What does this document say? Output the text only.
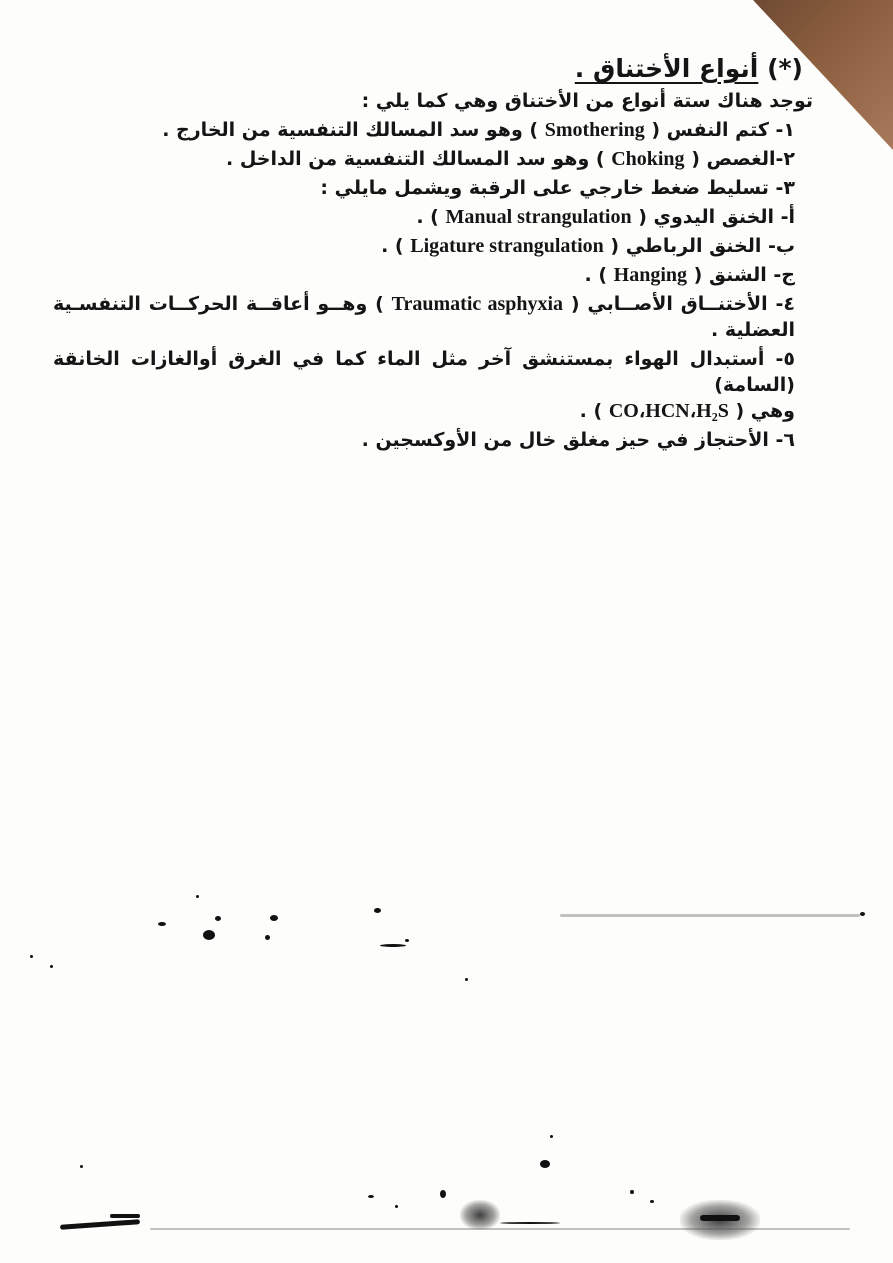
(*) أنواع الأختناق .

توجد هناك ستة أنواع من الأختناق وهي كما يلي :

١- كتم النفس ( Smothering ) وهو سد المسالك التنفسية من الخارج .

٢-الغصص ( Choking ) وهو سد المسالك التنفسية من الداخل .

٣- تسليط ضغط خارجي على الرقبة ويشمل مايلي :

أ- الخنق اليدوي ( Manual strangulation ) .

ب- الخنق الرباطي ( Ligature strangulation ) .

ج- الشنق ( Hanging ) .

٤- الأختنــاق الأصــابي ( Traumatic asphyxia ) وهــو أعاقــة الحركــات التنفسـية العضلية .

٥- أستبدال الهواء بمستنشق آخر مثل الماء كما في الغرق أوالغازات الخانقة (السامة)

وهي ( CO،HCN،H₂S ) .

٦- الأحتجاز في حيز مغلق خال من الأوكسجين .
